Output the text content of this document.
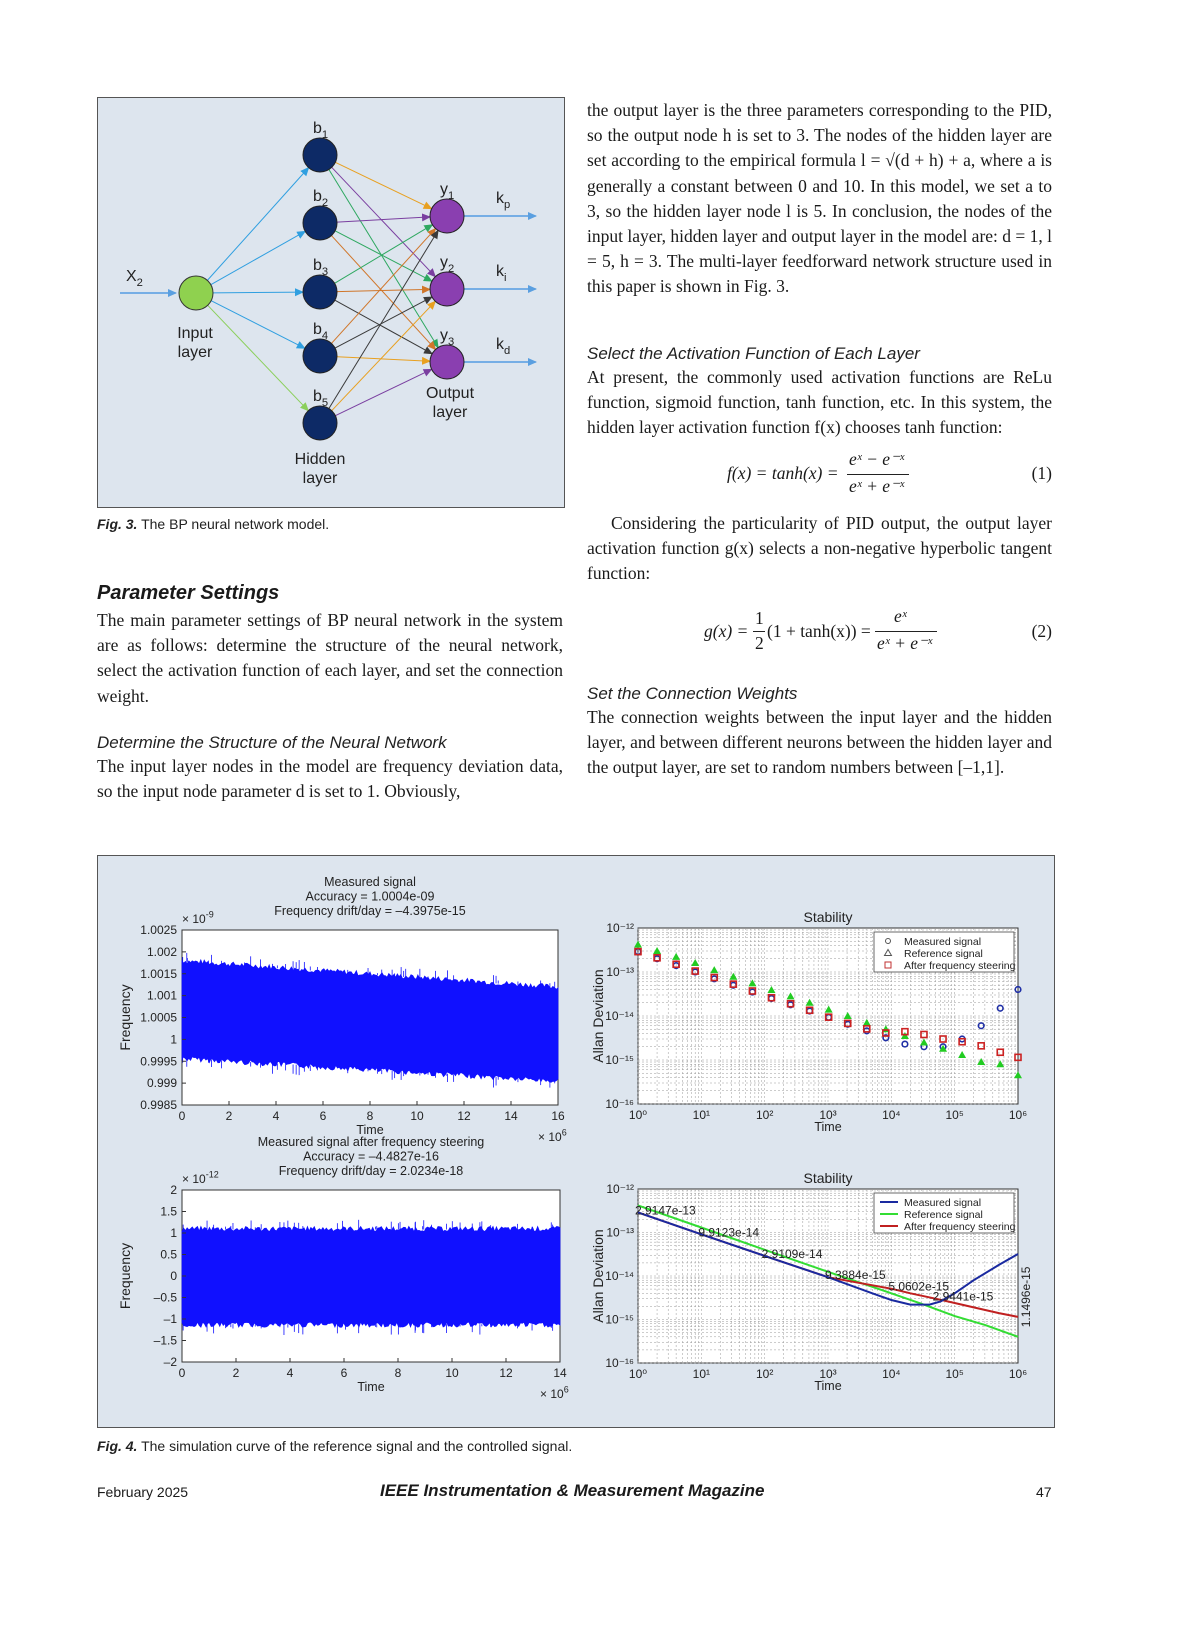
$b_1$
$b_2$
$b_3$
$b_4$
$b_5$
$y_1$	$k_p$
$y_2$	$k_i$
$y_3$	$k_d$
$X_2$
Input
layer
Hidden
layer
Output
layer
Fig. 3. The BP neural network model.
Parameter Settings
The main parameter settings of BP neural network in the system are as follows: determine the structure of the neural network, select the activation function of each layer, and set the connection weight.
Determine the Structure of the Neural Network
The input layer nodes in the model are frequency deviation data, so the input node parameter d is set to 1. Obviously,
the output layer is the three parameters corresponding to the PID, so the output node h is set to 3. The nodes of the hidden layer are set according to the empirical formula l = √(d + h) + a, where a is generally a constant between 0 and 10. In this model, we set a to 3, so the hidden layer node l is 5. In conclusion, the nodes of the input layer, hidden layer and output layer in the model are: d = 1, l = 5, h = 3. The multi-layer feedforward network structure used in this paper is shown in Fig. 3.
Select the Activation Function of Each Layer
At present, the commonly used activation functions are ReLu function, sigmoid function, tanh function, etc. In this system, the hidden layer activation function f(x) chooses tanh function:
f(x) = tanh(x) =
eˣ − e⁻ˣ
eˣ + e⁻ˣ
(1)
Considering the particularity of PID output, the output layer activation function g(x) selects a non-negative hyperbolic tangent function:
g(x) =
1
2
(1 + tanh(x)) =
eˣ
eˣ + e⁻ˣ
(2)
Set the Connection Weights
The connection weights between the input layer and the hidden layer, and between different neurons between the hidden layer and the output layer, are set to random numbers between [–1,1].
0	2	4	6	8	10	12	14	16
1.0025
1.002
1.0015
1.001
1.0005
1
0.9995
0.999
0.9985
Measured signal
Accuracy = 1.0004e-09
Frequency drift/day = –4.3975e-15
Time
Frequency
× $10^6$
× $10^{-9}$
10⁰	10¹	10²	10³	10⁴	10⁵	10⁶
10⁻¹²
10⁻¹³
10⁻¹⁴
10⁻¹⁵
10⁻¹⁶
Stability
Time
Allan Deviation
Measured signal
Reference signal
After frequency steering
0	2	4	6	8	10	12	14
2
1.5
1
0.5
0
–0.5
–1
–1.5
–2
Measured signal after frequency steering
Accuracy = –4.4827e-16
Frequency drift/day = 2.0234e-18
Time
Frequency
× $10^6$
× $10^{-12}$
10⁰	10¹	10²	10³	10⁴	10⁵	10⁶
10⁻¹²
10⁻¹³
10⁻¹⁴
10⁻¹⁵
10⁻¹⁶
Stability
Time
Allan Deviation
2.9147e-13
9.9123e-14
2.9109e-14
9.3884e-15
5.0602e-15
2.9441e-15 1.1496e-15
Measured signal
Reference signal
After frequency steering
Fig. 4. The simulation curve of the reference signal and the controlled signal.
February 2025	IEEE Instrumentation & Measurement Magazine	47
